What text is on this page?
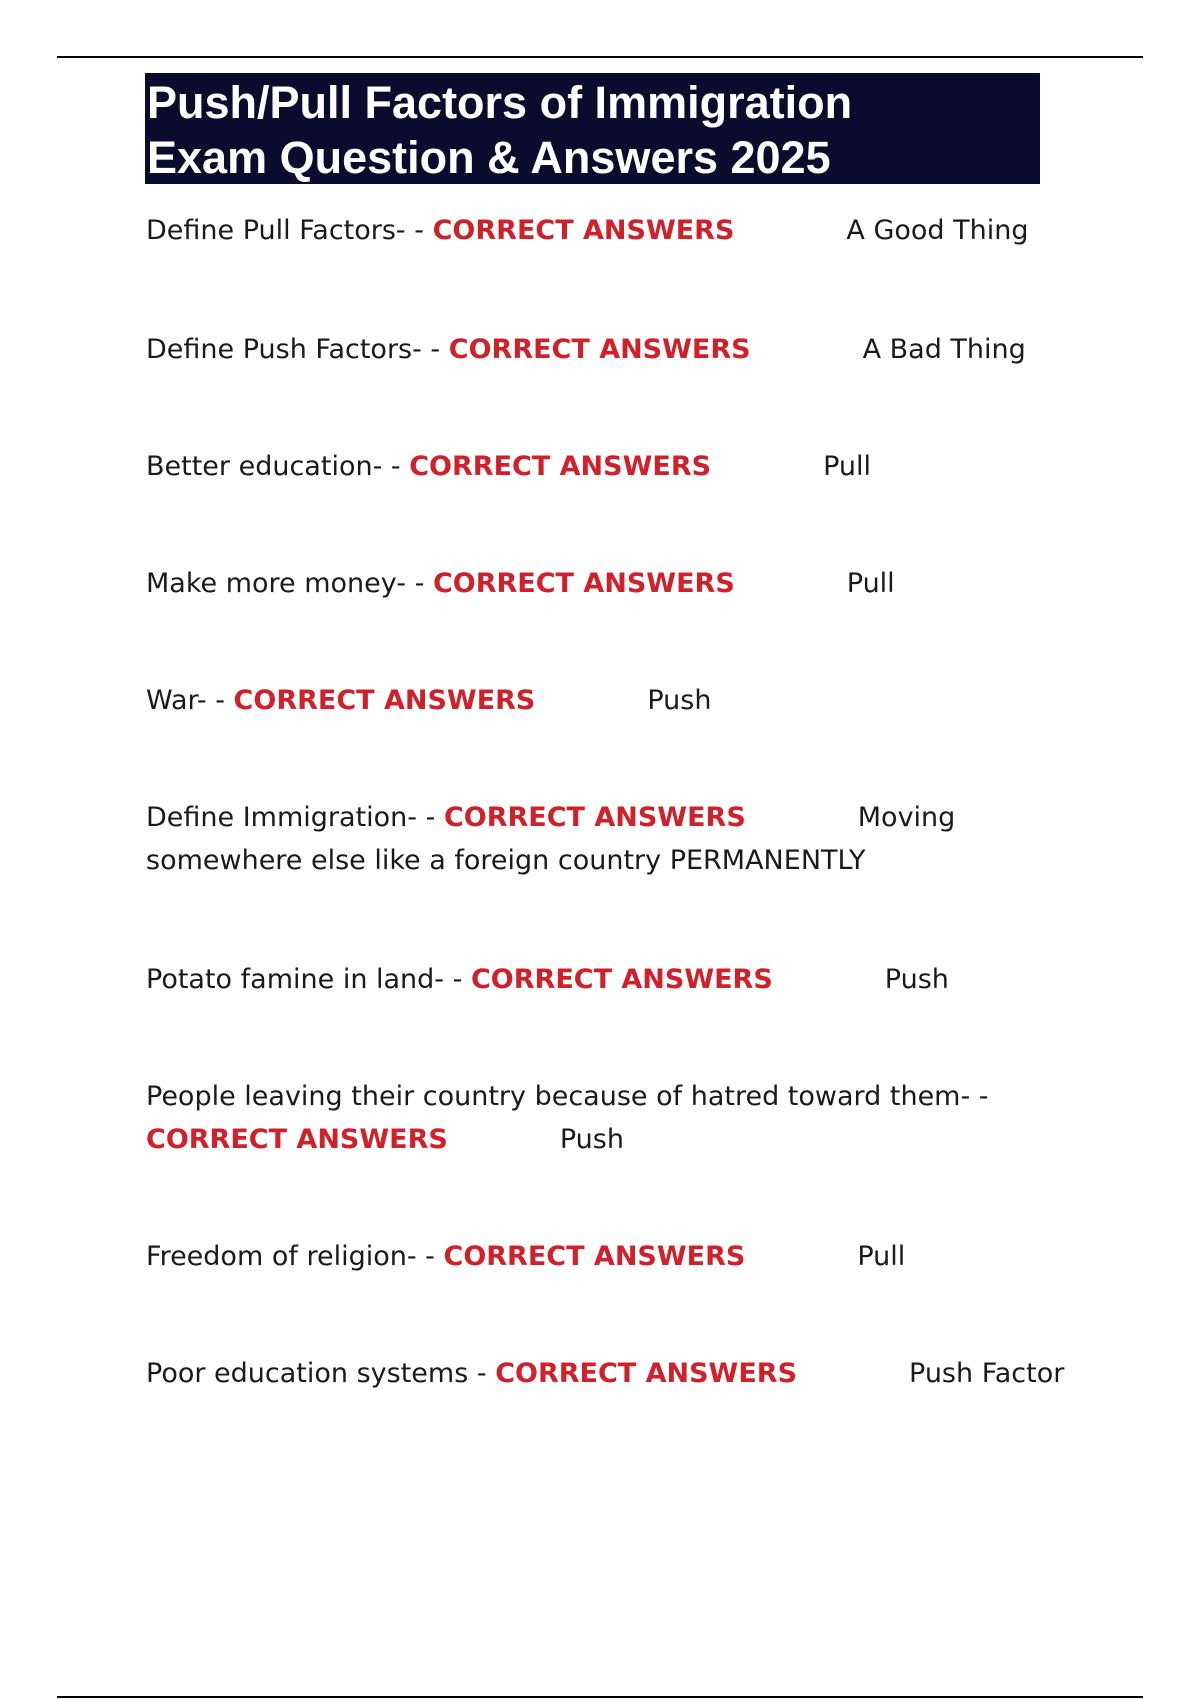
Push/Pull Factors of Immigration
Exam Question & Answers 2025
Define Pull Factors- - CORRECT ANSWERS	A Good Thing
Define Push Factors- - CORRECT ANSWERS	A Bad Thing
Better education- - CORRECT ANSWERS	Pull
Make more money- - CORRECT ANSWERS	Pull
War- - CORRECT ANSWERS	Push
Define Immigration- - CORRECT ANSWERS	Moving somewhere else like a foreign country PERMANENTLY
Potato famine in land- - CORRECT ANSWERS	Push
People leaving their country because of hatred toward them- - CORRECT ANSWERS	Push
Freedom of religion- - CORRECT ANSWERS	Pull
Poor education systems - CORRECT ANSWERS	Push Factor
